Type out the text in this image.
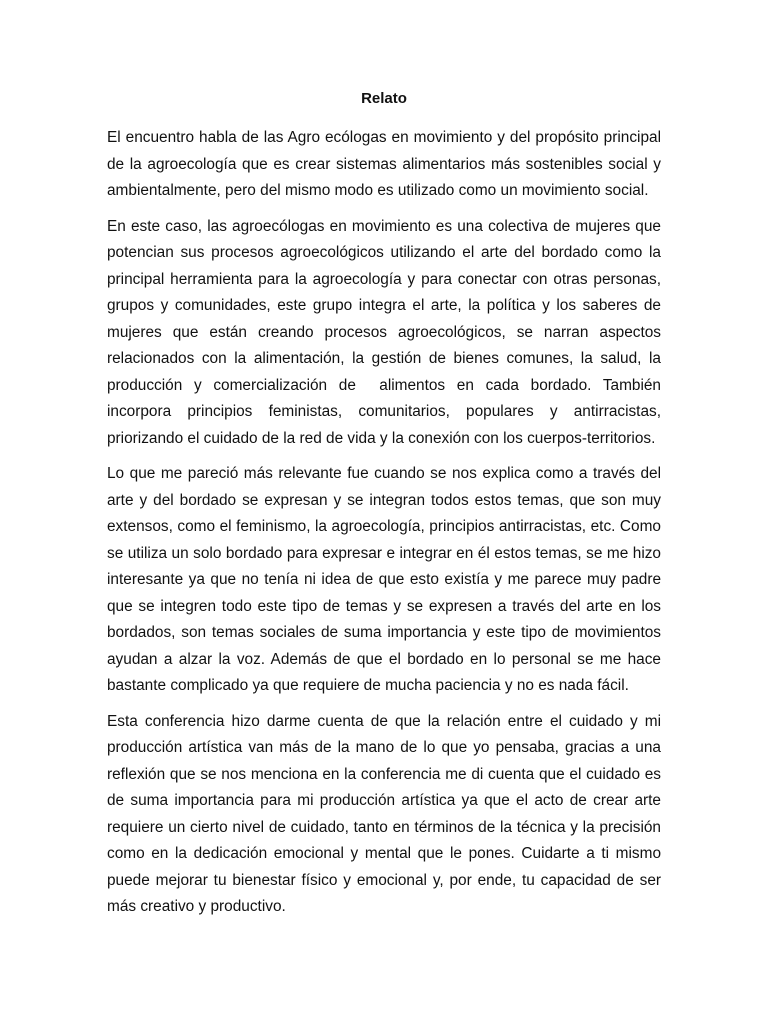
Relato

El encuentro habla de las Agro ecólogas en movimiento y del propósito principal de la agroecología que es crear sistemas alimentarios más sostenibles social y ambientalmente, pero del mismo modo es utilizado como un movimiento social.

En este caso, las agroecólogas en movimiento es una colectiva de mujeres que potencian sus procesos agroecológicos utilizando el arte del bordado como la principal herramienta para la agroecología y para conectar con otras personas, grupos y comunidades, este grupo integra el arte, la política y los saberes de mujeres que están creando procesos agroecológicos, se narran aspectos relacionados con la alimentación, la gestión de bienes comunes, la salud, la producción y comercialización de  alimentos en cada bordado. También incorpora principios feministas, comunitarios, populares y antirracistas, priorizando el cuidado de la red de vida y la conexión con los cuerpos-territorios.

Lo que me pareció más relevante fue cuando se nos explica como a través del arte y del bordado se expresan y se integran todos estos temas, que son muy extensos, como el feminismo, la agroecología, principios antirracistas, etc. Como se utiliza un solo bordado para expresar e integrar en él estos temas, se me hizo interesante ya que no tenía ni idea de que esto existía y me parece muy padre que se integren todo este tipo de temas y se expresen a través del arte en los bordados, son temas sociales de suma importancia y este tipo de movimientos ayudan a alzar la voz. Además de que el bordado en lo personal se me hace bastante complicado ya que requiere de mucha paciencia y no es nada fácil.

Esta conferencia hizo darme cuenta de que la relación entre el cuidado y mi producción artística van más de la mano de lo que yo pensaba, gracias a una reflexión que se nos menciona en la conferencia me di cuenta que el cuidado es de suma importancia para mi producción artística ya que el acto de crear arte requiere un cierto nivel de cuidado, tanto en términos de la técnica y la precisión como en la dedicación emocional y mental que le pones. Cuidarte a ti mismo puede mejorar tu bienestar físico y emocional y, por ende, tu capacidad de ser más creativo y productivo.
